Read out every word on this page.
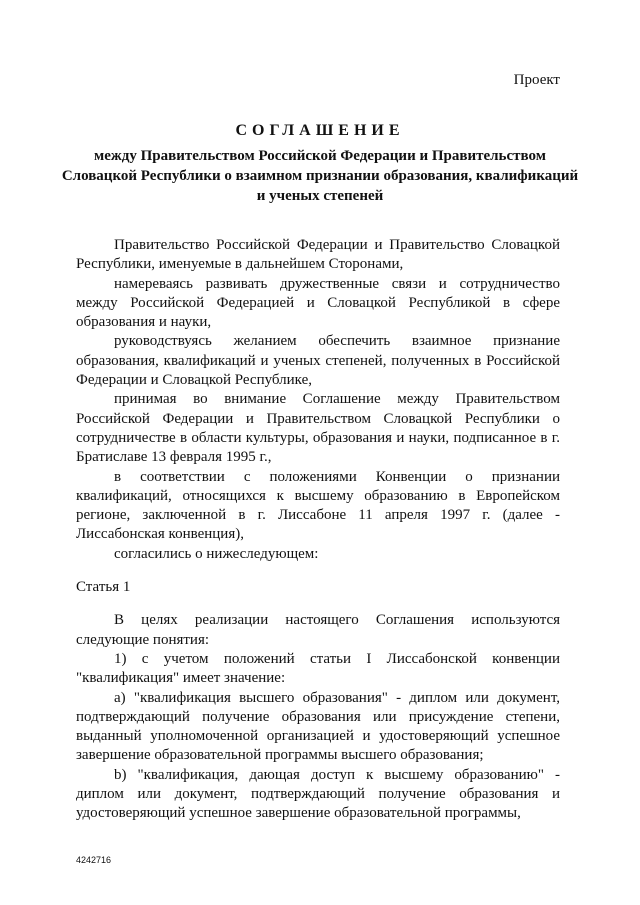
Проект
СОГЛАШЕНИЕ
между Правительством Российской Федерации и Правительством Словацкой Республики о взаимном признании образования, квалификаций и ученых степеней

Правительство Российской Федерации и Правительство Словацкой Республики, именуемые в дальнейшем Сторонами,

намереваясь развивать дружественные связи и сотрудничество между Российской Федерацией и Словацкой Республикой в сфере образования и науки,

руководствуясь желанием обеспечить взаимное признание образования, квалификаций и ученых степеней, полученных в Российской Федерации и Словацкой Республике,

принимая во внимание Соглашение между Правительством Российской Федерации и Правительством Словацкой Республики о сотрудничестве в области культуры, образования и науки, подписанное в г. Братиславе 13 февраля 1995 г.,

в соответствии с положениями Конвенции о признании квалификаций, относящихся к высшему образованию в Европейском регионе, заключенной в г. Лиссабоне 11 апреля 1997 г. (далее - Лиссабонская конвенция),

согласились о нижеследующем:

Статья 1

В целях реализации настоящего Соглашения используются следующие понятия:

1) с учетом положений статьи I Лиссабонской конвенции "квалификация" имеет значение:

а) "квалификация высшего образования" - диплом или документ, подтверждающий получение образования или присуждение степени, выданный уполномоченной организацией и удостоверяющий успешное завершение образовательной программы высшего образования;

b) "квалификация, дающая доступ к высшему образованию" - диплом или документ, подтверждающий получение образования и удостоверяющий успешное завершение образовательной программы,

4242716
